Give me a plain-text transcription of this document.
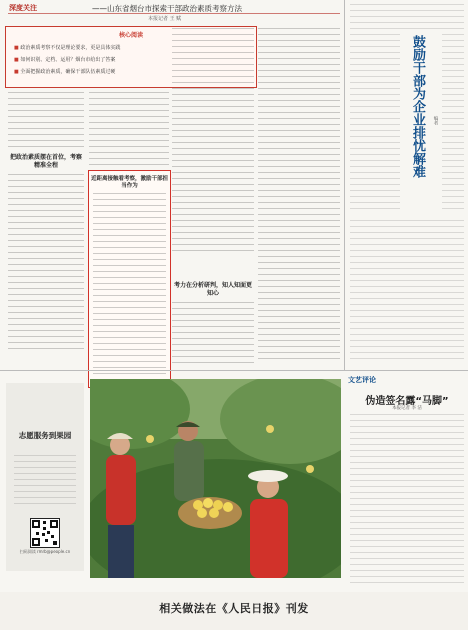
深度关注	——山东省烟台市探索干部政治素质考察方法
本报记者 王 赋
核心阅读
■ 政治素质考察不仅是理论要求，更是具体实践
■ 如何识别、定档、运用？烟台市给出了答案
■ 全面把握政治素质，确保干部队伍素质过硬
把政治素质摆在首位，考察精准全程
近距离接触看考察，激励干部担当作为
考力在分析研判，知人知面更知心
鼓励干部为企业排忧解难 编者
志愿服务到果园
扫码阅读 rmrb@people.cn
文艺评论
伪造签名露“马脚”
本报记者 李 洁
相关做法在《人民日报》刊发
